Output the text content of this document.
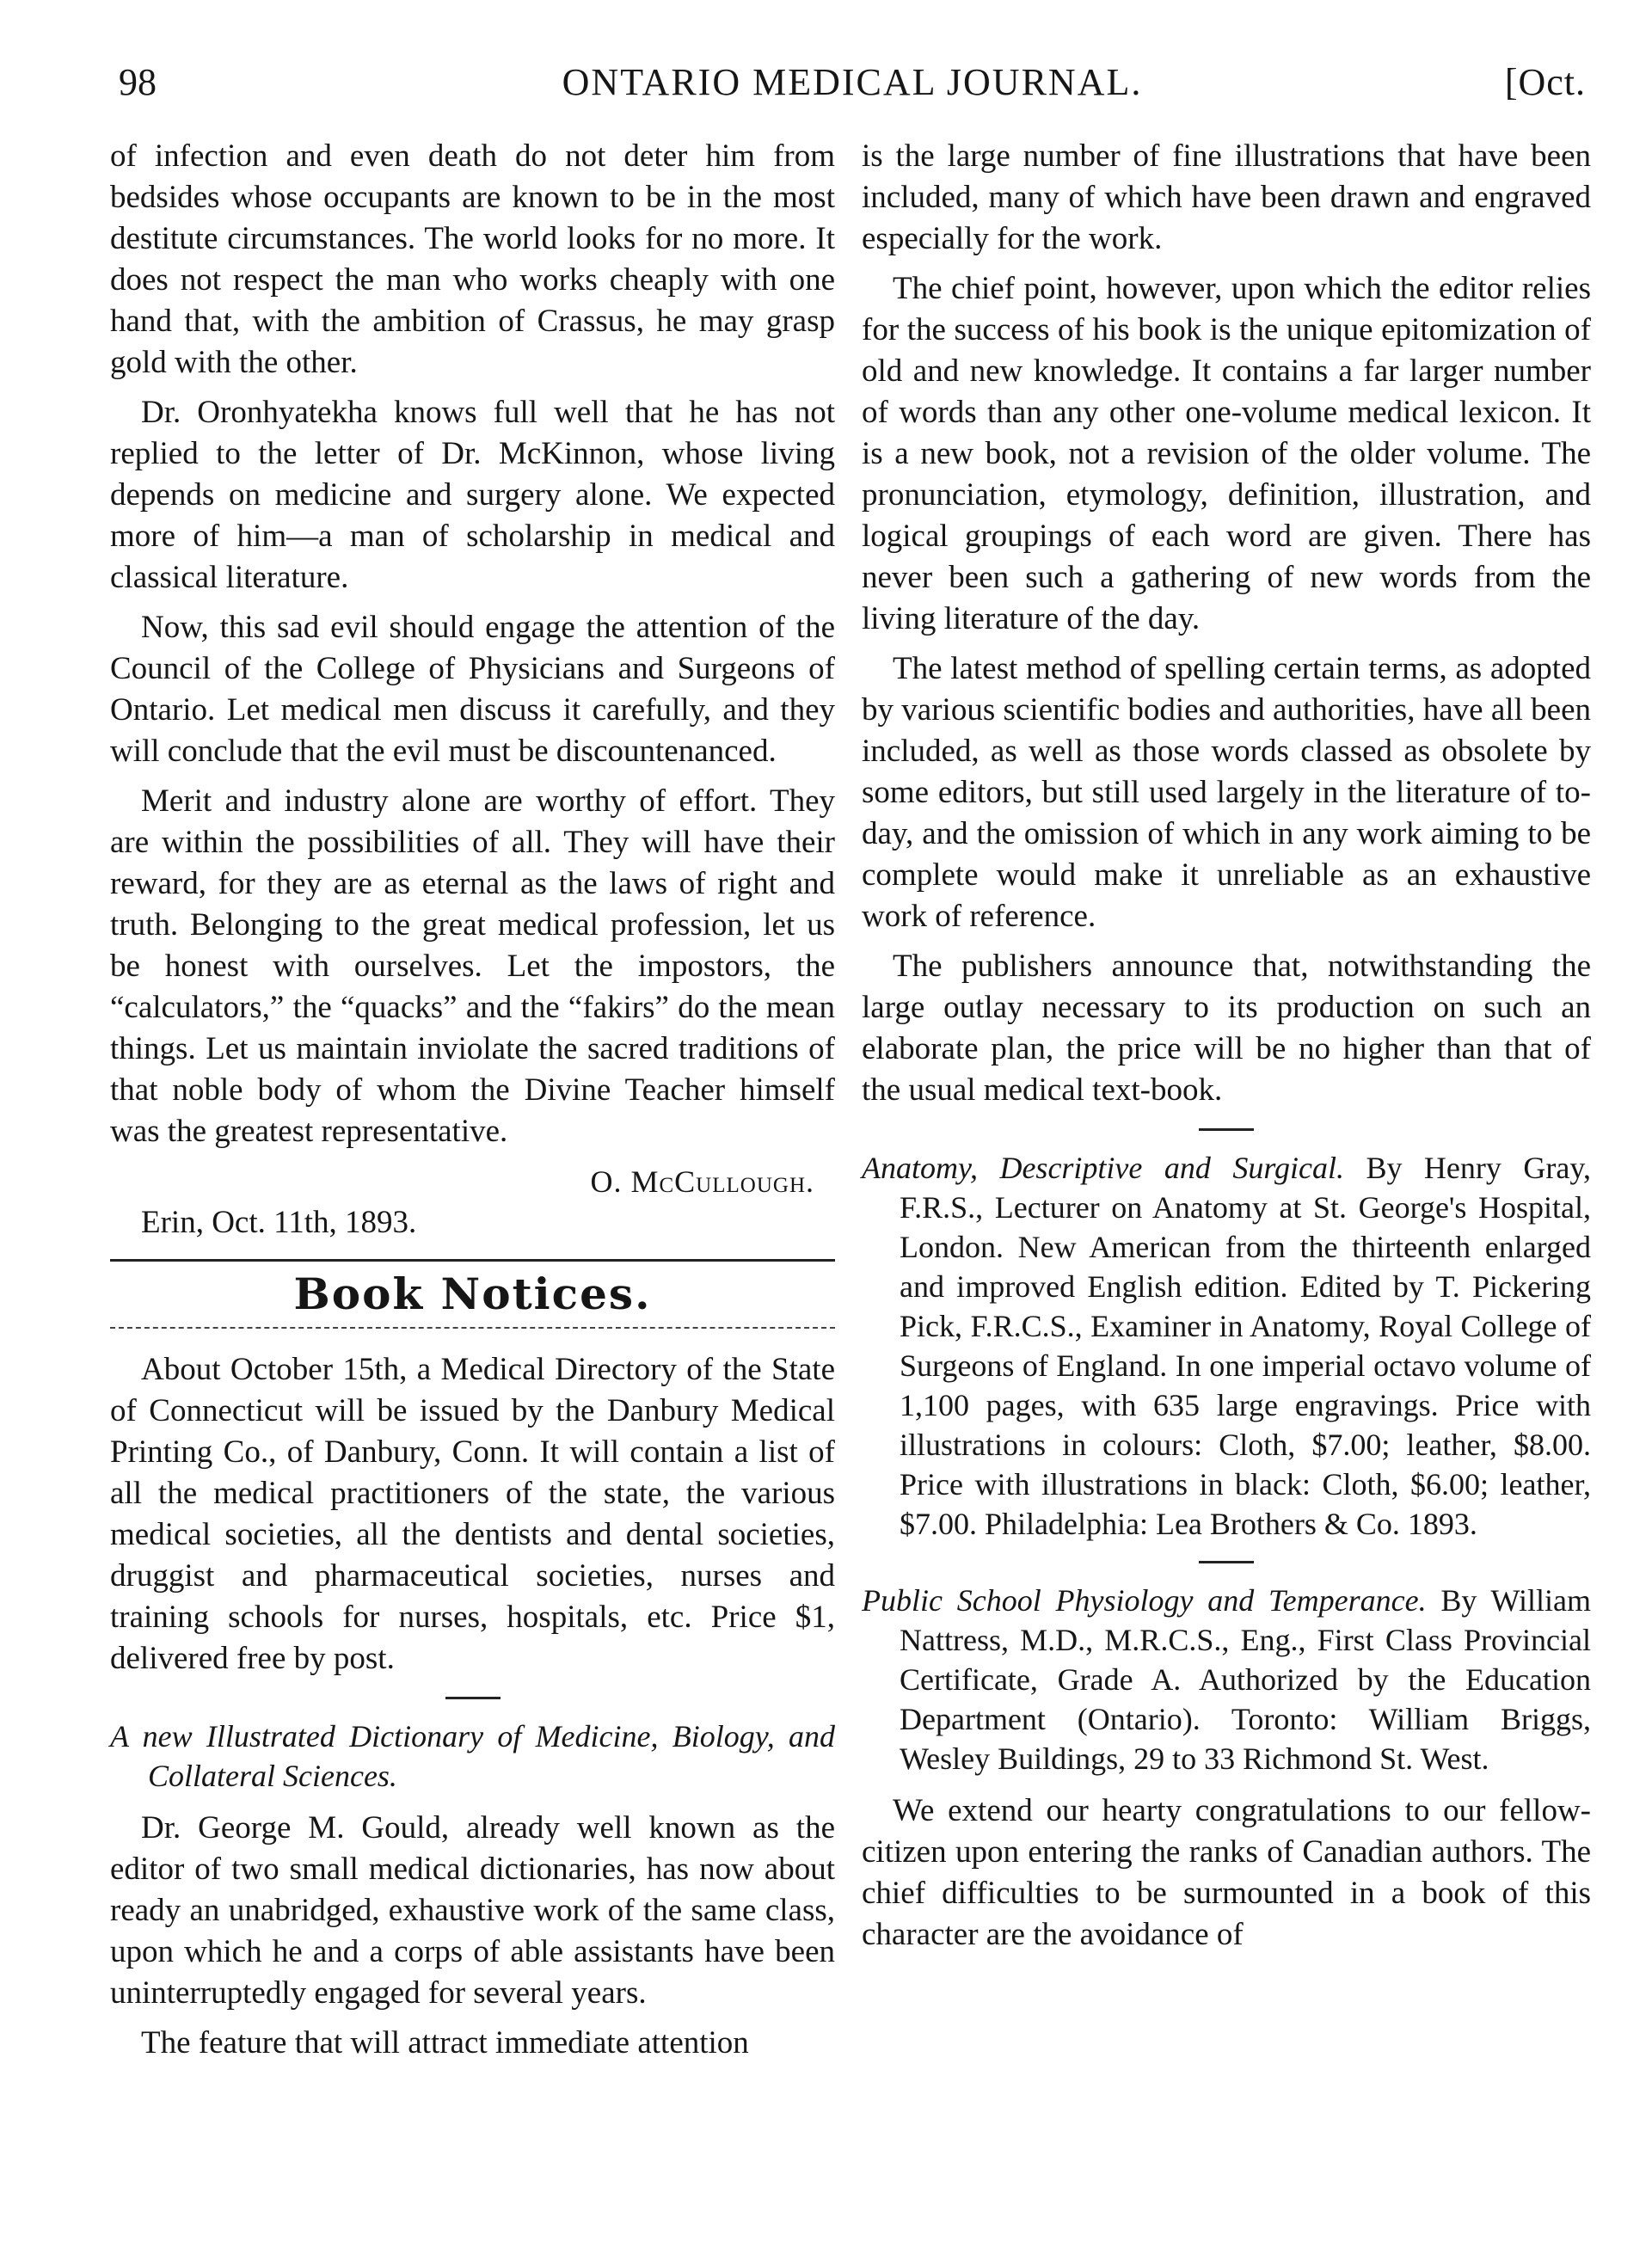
98	ONTARIO MEDICAL JOURNAL.	[Oct.

of infection and even death do not deter him from bedsides whose occupants are known to be in the most destitute circumstances. The world looks for no more. It does not respect the man who works cheaply with one hand that, with the ambition of Crassus, he may grasp gold with the other.

Dr. Oronhyatekha knows full well that he has not replied to the letter of Dr. McKinnon, whose living depends on medicine and surgery alone. We expected more of him—a man of scholarship in medical and classical literature.

Now, this sad evil should engage the attention of the Council of the College of Physicians and Surgeons of Ontario. Let medical men discuss it carefully, and they will conclude that the evil must be discountenanced.

Merit and industry alone are worthy of effort. They are within the possibilities of all. They will have their reward, for they are as eternal as the laws of right and truth. Belonging to the great medical profession, let us be honest with ourselves. Let the impostors, the “calculators,” the “quacks” and the “fakirs” do the mean things. Let us maintain inviolate the sacred traditions of that noble body of whom the Divine Teacher himself was the greatest representative.

O. McCullough.
Erin, Oct. 11th, 1893.
Book Notices.

About October 15th, a Medical Directory of the State of Connecticut will be issued by the Danbury Medical Printing Co., of Danbury, Conn. It will contain a list of all the medical practitioners of the state, the various medical societies, all the dentists and dental societies, druggist and pharmaceutical societies, nurses and training schools for nurses, hospitals, etc. Price $1, delivered free by post.

A new Illustrated Dictionary of Medicine, Biology, and Collateral Sciences.

Dr. George M. Gould, already well known as the editor of two small medical dictionaries, has now about ready an unabridged, exhaustive work of the same class, upon which he and a corps of able assistants have been uninterruptedly engaged for several years.

The feature that will attract immediate attention

is the large number of fine illustrations that have been included, many of which have been drawn and engraved especially for the work.

The chief point, however, upon which the editor relies for the success of his book is the unique epitomization of old and new knowledge. It contains a far larger number of words than any other one-volume medical lexicon. It is a new book, not a revision of the older volume. The pronunciation, etymology, definition, illustration, and logical groupings of each word are given. There has never been such a gathering of new words from the living literature of the day.

The latest method of spelling certain terms, as adopted by various scientific bodies and authorities, have all been included, as well as those words classed as obsolete by some editors, but still used largely in the literature of to-day, and the omission of which in any work aiming to be complete would make it unreliable as an exhaustive work of reference.

The publishers announce that, notwithstanding the large outlay necessary to its production on such an elaborate plan, the price will be no higher than that of the usual medical text-book.

Anatomy, Descriptive and Surgical. By Henry Gray, F.R.S., Lecturer on Anatomy at St. George's Hospital, London. New American from the thirteenth enlarged and improved English edition. Edited by T. Pickering Pick, F.R.C.S., Examiner in Anatomy, Royal College of Surgeons of England. In one imperial octavo volume of 1,100 pages, with 635 large engravings. Price with illustrations in colours: Cloth, $7.00; leather, $8.00. Price with illustrations in black: Cloth, $6.00; leather, $7.00. Philadelphia: Lea Brothers & Co. 1893.
Public School Physiology and Temperance. By William Nattress, M.D., M.R.C.S., Eng., First Class Provincial Certificate, Grade A. Authorized by the Education Department (Ontario). Toronto: William Briggs, Wesley Buildings, 29 to 33 Richmond St. West.

We extend our hearty congratulations to our fellow-citizen upon entering the ranks of Canadian authors. The chief difficulties to be surmounted in a book of this character are the avoidance of
